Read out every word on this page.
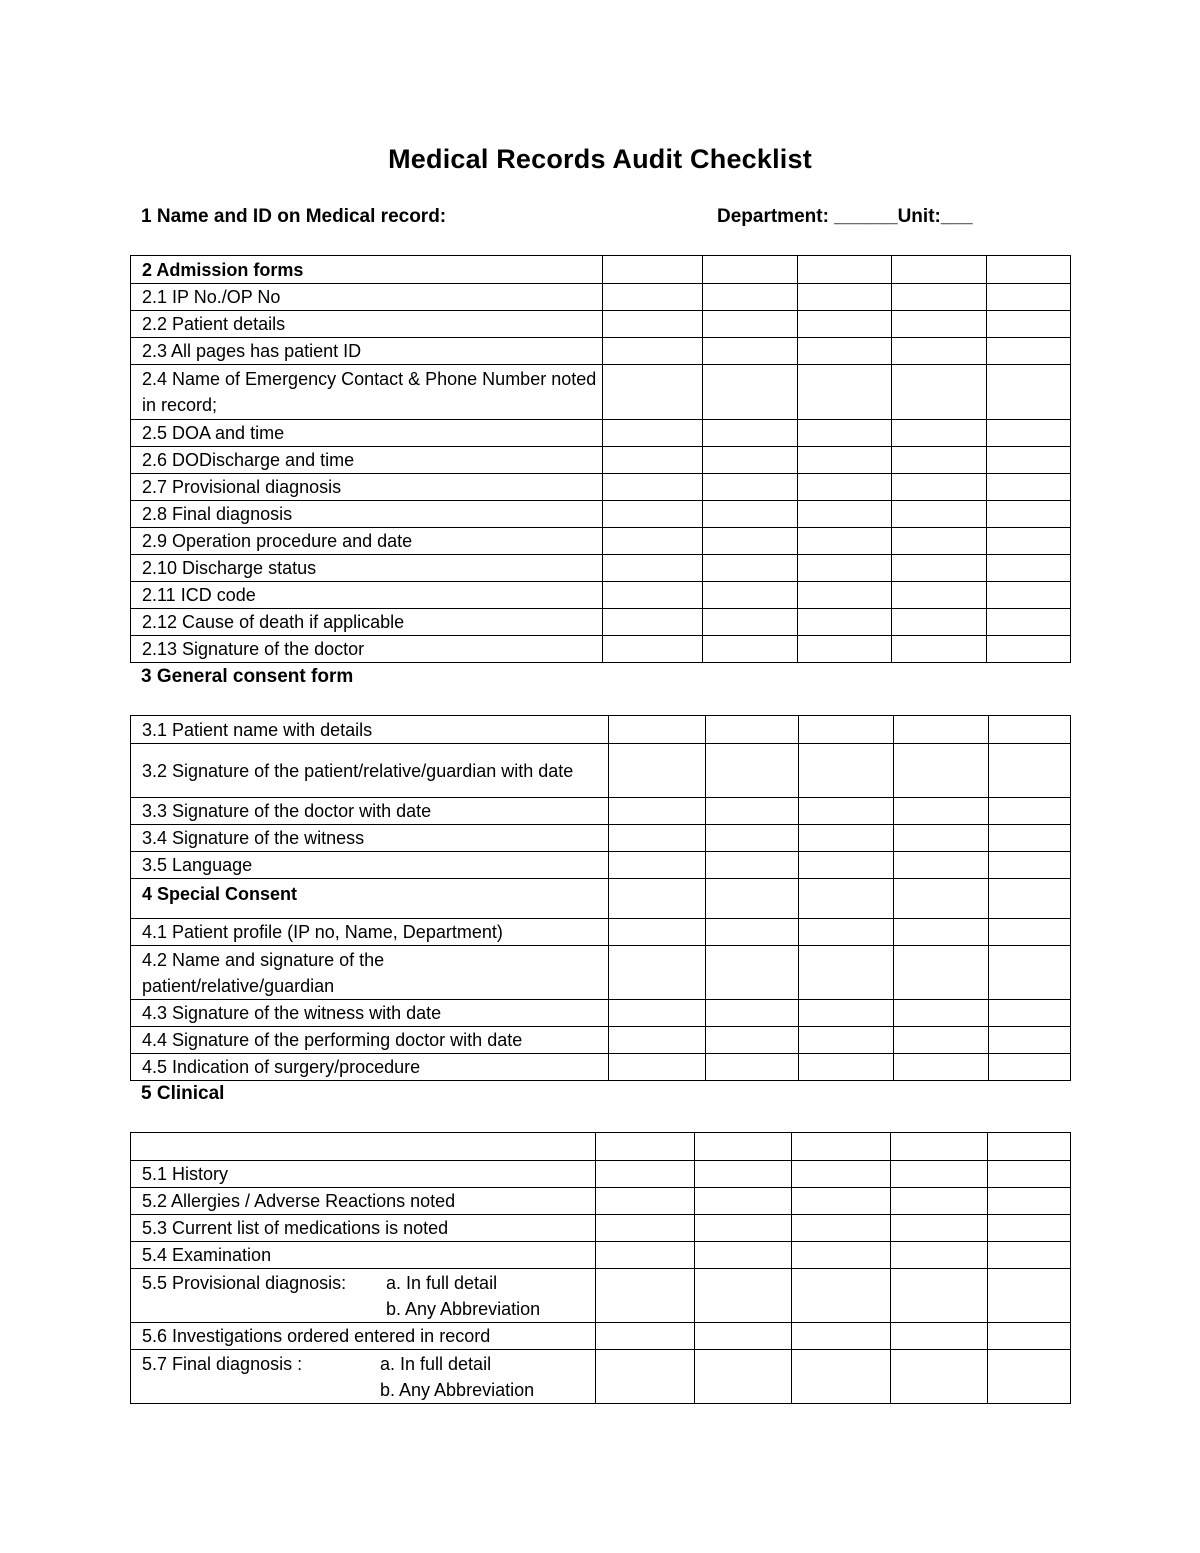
Medical Records Audit Checklist
1 Name and ID on Medical record:	Department: ______Unit:___
2 Admission forms					
2.1 IP No./OP No					
2.2 Patient details					
2.3 All pages has patient ID					
2.4 Name of Emergency Contact & Phone Number noted in record;					
2.5 DOA and time					
2.6 DODischarge and time					
2.7 Provisional diagnosis					
2.8 Final diagnosis					
2.9 Operation procedure and date					
2.10 Discharge status					
2.11 ICD code					
2.12 Cause of death if applicable					
2.13 Signature of the doctor					
3 General consent form
3.1 Patient name with details					
3.2 Signature of the patient/relative/guardian with date					
3.3 Signature of the doctor with date					
3.4 Signature of the witness					
3.5 Language					
4 Special Consent					
4.1 Patient profile (IP no, Name, Department)					
4.2 Name and signature of the patient/relative/guardian					
4.3 Signature of the witness with date					
4.4 Signature of the performing doctor with date					
4.5 Indication of surgery/procedure					
5 Clinical

5.1 History					
5.2 Allergies / Adverse Reactions noted					
5.3 Current list of medications is noted					
5.4 Examination					

5.5 Provisional diagnosis: a. In full detail
b. Any Abbreviation					

5.6 Investigations ordered entered in record					

5.7 Final diagnosis : a. In full detail
b. Any Abbreviation					
